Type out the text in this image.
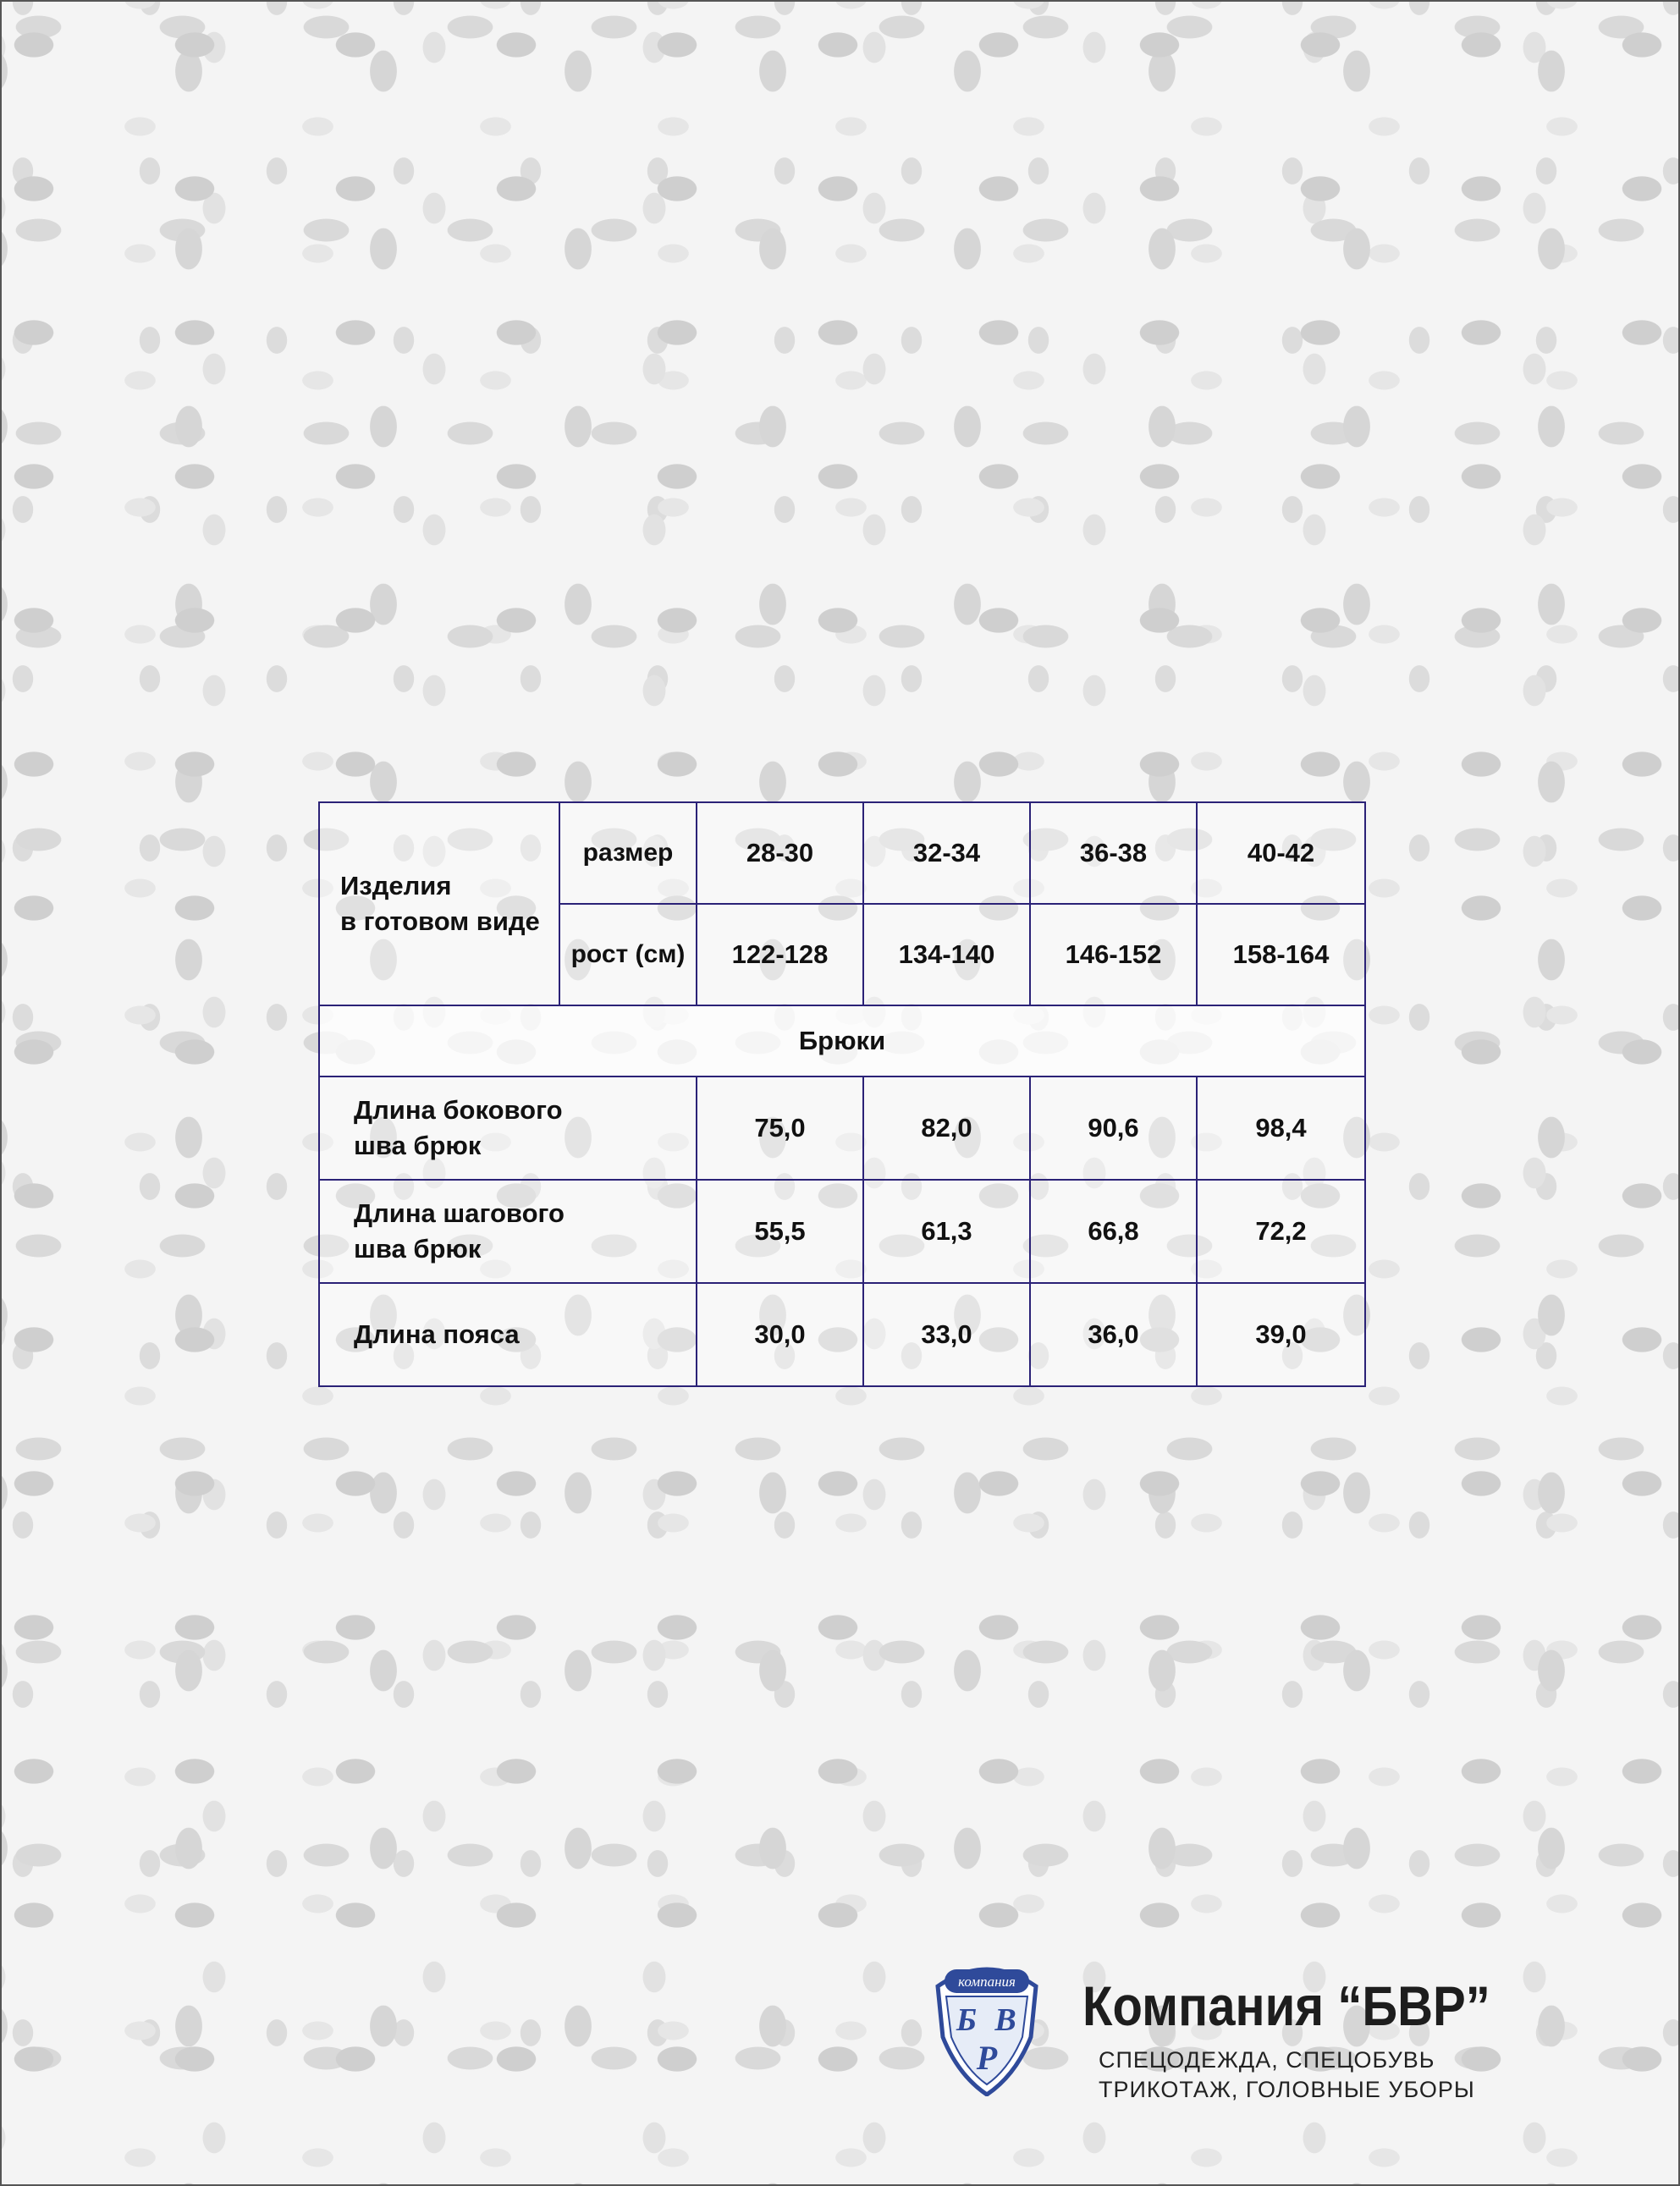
Изделия
в готовом виде	размер	28-30	32-34	36-38	40-42
	рост (см)	122-128	134-140	146-152	158-164
Брюки					
Длина бокового
шва брюк		75,0	82,0	90,6	98,4
Длина шагового
шва брюк		55,5	61,3	66,8	72,2
Длина пояса		30,0	33,0	36,0	39,0
компания
Б В
Р
Компания “БВР”
СПЕЦОДЕЖДА, СПЕЦОБУВЬ
ТРИКОТАЖ, ГОЛОВНЫЕ УБОРЫ
